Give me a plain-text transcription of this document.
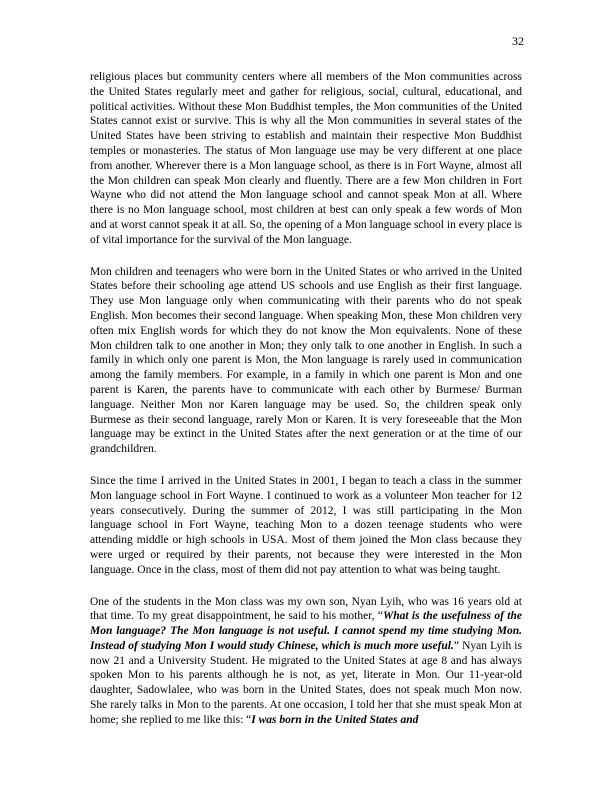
32

religious places but community centers where all members of the Mon communities across the United States regularly meet and gather for religious, social, cultural, educational, and political activities. Without these Mon Buddhist temples, the Mon communities of the United States cannot exist or survive. This is why all the Mon communities in several states of the United States have been striving to establish and maintain their respective Mon Buddhist temples or monasteries. The status of Mon language use may be very different at one place from another. Wherever there is a Mon language school, as there is in Fort Wayne, almost all the Mon children can speak Mon clearly and fluently. There are a few Mon children in Fort Wayne who did not attend the Mon language school and cannot speak Mon at all. Where there is no Mon language school, most children at best can only speak a few words of Mon and at worst cannot speak it at all. So, the opening of a Mon language school in every place is of vital importance for the survival of the Mon language.

Mon children and teenagers who were born in the United States or who arrived in the United States before their schooling age attend US schools and use English as their first language. They use Mon language only when communicating with their parents who do not speak English. Mon becomes their second language. When speaking Mon, these Mon children very often mix English words for which they do not know the Mon equivalents. None of these Mon children talk to one another in Mon; they only talk to one another in English. In such a family in which only one parent is Mon, the Mon language is rarely used in communication among the family members. For example, in a family in which one parent is Mon and one parent is Karen, the parents have to communicate with each other by Burmese/ Burman language. Neither Mon nor Karen language may be used. So, the children speak only Burmese as their second language, rarely Mon or Karen. It is very foreseeable that the Mon language may be extinct in the United States after the next generation or at the time of our grandchildren.

Since the time I arrived in the United States in 2001, I began to teach a class in the summer Mon language school in Fort Wayne. I continued to work as a volunteer Mon teacher for 12 years consecutively. During the summer of 2012, I was still participating in the Mon language school in Fort Wayne, teaching Mon to a dozen teenage students who were attending middle or high schools in USA. Most of them joined the Mon class because they were urged or required by their parents, not because they were interested in the Mon language. Once in the class, most of them did not pay attention to what was being taught.

One of the students in the Mon class was my own son, Nyan Lyih, who was 16 years old at that time. To my great disappointment, he said to his mother, “What is the usefulness of the Mon language? The Mon language is not useful. I cannot spend my time studying Mon. Instead of studying Mon I would study Chinese, which is much more useful.” Nyan Lyih is now 21 and a University Student. He migrated to the United States at age 8 and has always spoken Mon to his parents although he is not, as yet, literate in Mon. Our 11-year-old daughter, Sadowlalee, who was born in the United States, does not speak much Mon now. She rarely talks in Mon to the parents. At one occasion, I told her that she must speak Mon at home; she replied to me like this: “I was born in the United States and
